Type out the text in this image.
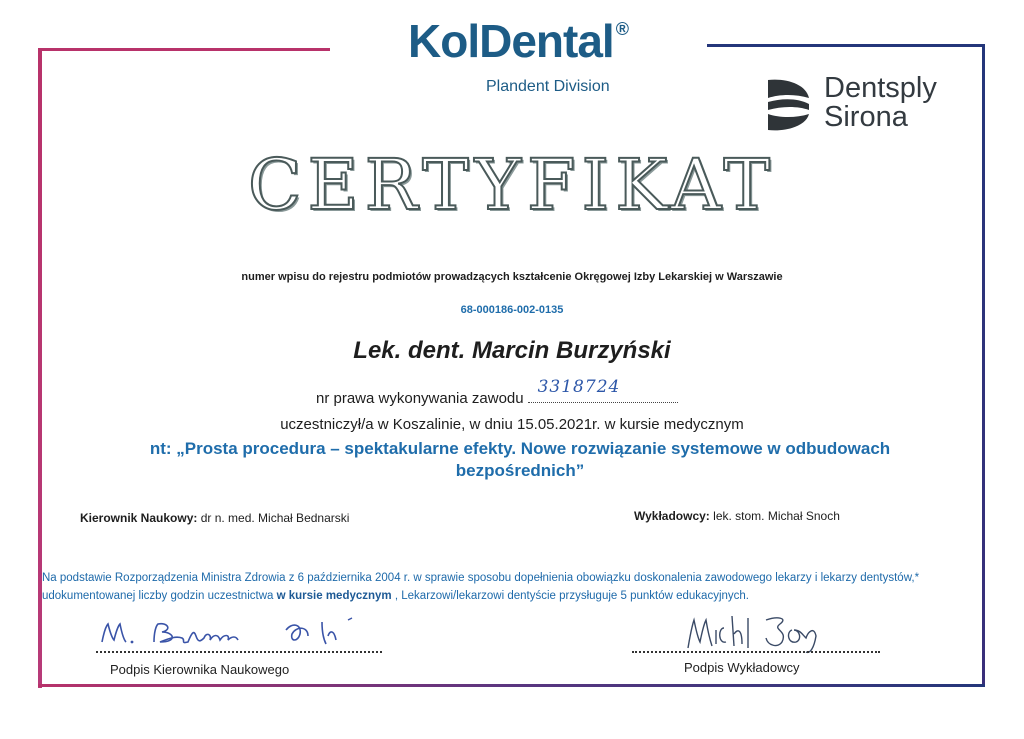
KolDental ®
Plandent Division	Dentsply
Sirona
CERTYFIKAT
numer wpisu do rejestru podmiotów prowadzących kształcenie Okręgowej Izby Lekarskiej w Warszawie
68-000186-002-0135
Lek. dent. Marcin Burzyński
nr prawa wykonywania zawodu
3318724
uczestniczył/a w Koszalinie, w dniu 15.05.2021r. w kursie medycznym
nt: „Prosta procedura – spektakularne efekty. Nowe rozwiązanie systemowe w odbudowach
bezpośrednich”
Kierownik Naukowy: dr n. med. Michał Bednarski	Wykładowcy: lek. stom. Michał Snoch
Na podstawie Rozporządzenia Ministra Zdrowia z 6 października 2004 r. w sprawie sposobu dopełnienia obowiązku doskonalenia zawodowego lekarzy i lekarzy dentystów,* udokumentowanej liczby godzin uczestnictwa w kursie medycznym , Lekarzowi/lekarzowi dentyście przysługuje 5 punktów edukacyjnych.
Podpis Kierownika Naukowego	Podpis Wykładowcy
